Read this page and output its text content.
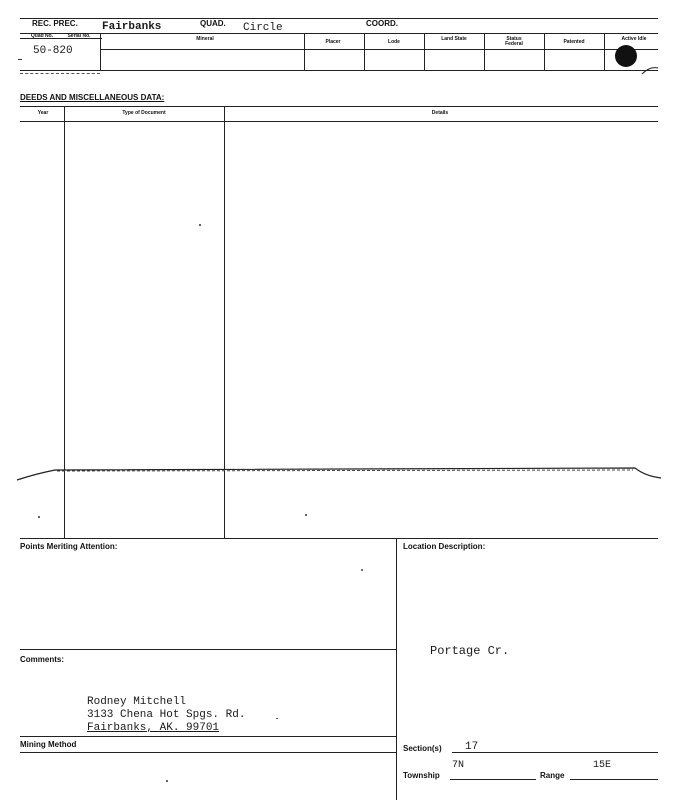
REC. PREC. Fairbanks	QUAD. Circle	COORD.
Quad No.	Serial No.	Mineral	Placer	Lode	Land State	Status Federal	Patented	Active Idle
50-820
DEEDS AND MISCELLANEOUS DATA:
Year	Type of Document	Details
Points Meriting Attention:	Location Description:
Portage Cr.
Comments:
Rodney Mitchell
3133 Chena Hot Spgs. Rd.
Fairbanks, AK. 99701
Mining Method	Section(s) 17
Township
7N
Range
15E
